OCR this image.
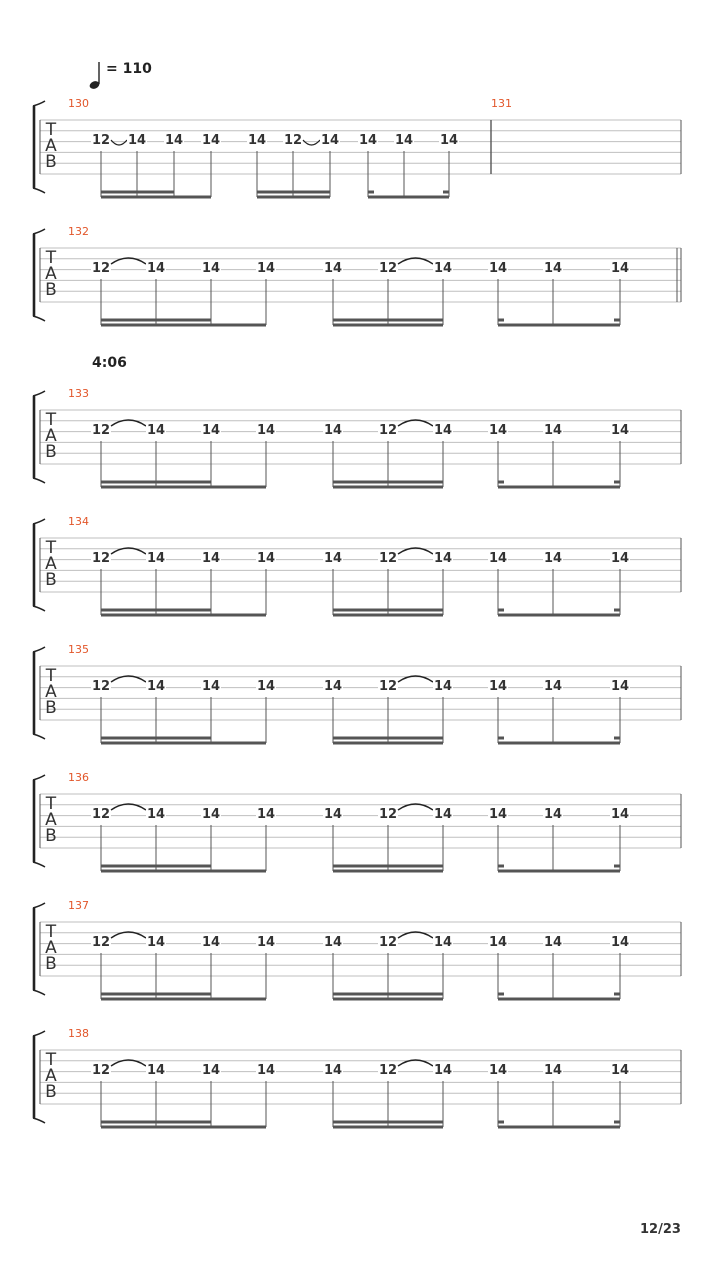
= 110
4:06
T
A
B
130
12 14 14 14 14 12 14 14 14 14
131
T
A
B
132
12	14	14	14	14	12	14	14	14	14
T
A
B
133
12	14	14	14	14	12	14	14	14	14
T
A
B
134
12	14	14	14	14	12	14	14	14	14
T
A
B
135
12	14	14	14	14	12	14	14	14	14
T
A
B
136
12	14	14	14	14	12	14	14	14	14
T
A
B
137
12	14	14	14	14	12	14	14	14	14
T
A
B
138
12	14	14	14	14	12	14	14	14	14
12/23
